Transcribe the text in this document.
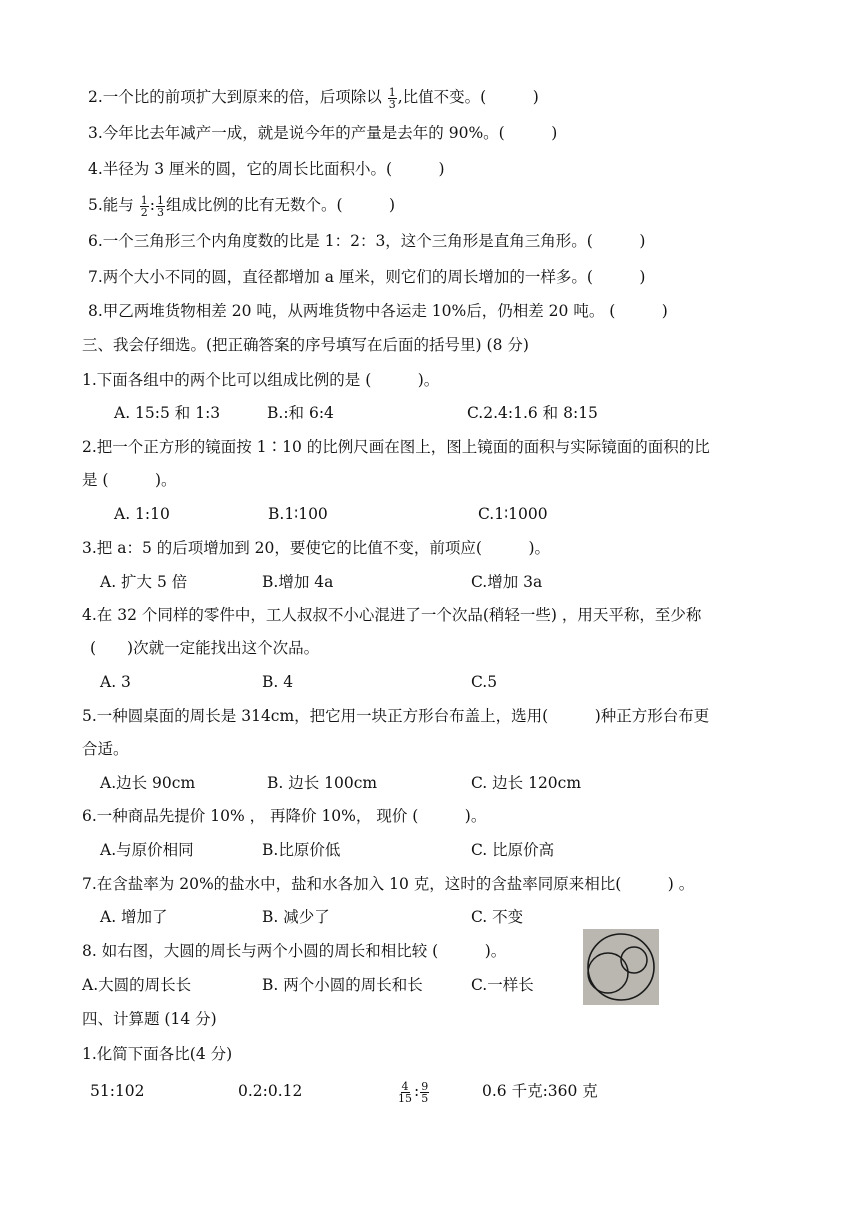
2.一个比的前项扩大到原来的倍，后项除以 $\frac{1}{3}$ ,比值不变。(　　　)
3.今年比去年减产一成，就是说今年的产量是去年的 90%。(　　　)
4.半径为 3 厘米的圆，它的周长比面积小。(　　　)
5.能与 $\frac{1}{2}$ : $\frac{1}{3}$ 组成比例的比有无数个。(　　　)
6.一个三角形三个内角度数的比是 1：2：3，这个三角形是直角三角形。(　　　)
7.两个大小不同的圆，直径都增加 a 厘米，则它们的周长增加的一样多。(　　　)
8.甲乙两堆货物相差 20 吨，从两堆货物中各运走 10%后，仍相差 20 吨。 (　　　)
三、我会仔细选。(把正确答案的序号填写在后面的括号里) (8 分)
1.下面各组中的两个比可以组成比例的是 (　　　)。
A. 15:5 和 1:3	B.:和 6:4	C.2.4:1.6 和 8:15
2.把一个正方形的镜面按 1∶10 的比例尺画在图上，图上镜面的面积与实际镜面的面积的比
是 (　　　)。
A. 1:10	B.1∶100	C.1∶1000
3.把 a：5 的后项增加到 20，要使它的比值不变，前项应(　　　)。
A. 扩大 5 倍	B.增加 4a	C.增加 3a
4.在 32 个同样的零件中，工人叔叔不小心混进了一个次品(稍轻一些) ，用天平称，至少称
(　　)次就一定能找出这个次品。
A. 3	B. 4	C.5
5.一种圆桌面的周长是 314cm，把它用一块正方形台布盖上，选用(　　　)种正方形台布更
合适。
A.边长 90cm	B. 边长 100cm	C. 边长 120cm
6.一种商品先提价 10% ， 再降价 10%， 现价 (　　　)。
A.与原价相同	B.比原价低	C. 比原价高
7.在含盐率为 20%的盐水中，盐和水各加入 10 克，这时的含盐率同原来相比(　　　) 。
A. 增加了	B. 减少了	C. 不变
8. 如右图，大圆的周长与两个小圆的周长和相比较 (　　　)。
A.大圆的周长长	B. 两个小圆的周长和长	C.一样长
四、计算题 (14 分)
1.化简下面各比(4 分)
51:102	0.2:0.12	$\frac{4}{15}$ : $\frac{9}{5}$	0.6 千克:360 克
